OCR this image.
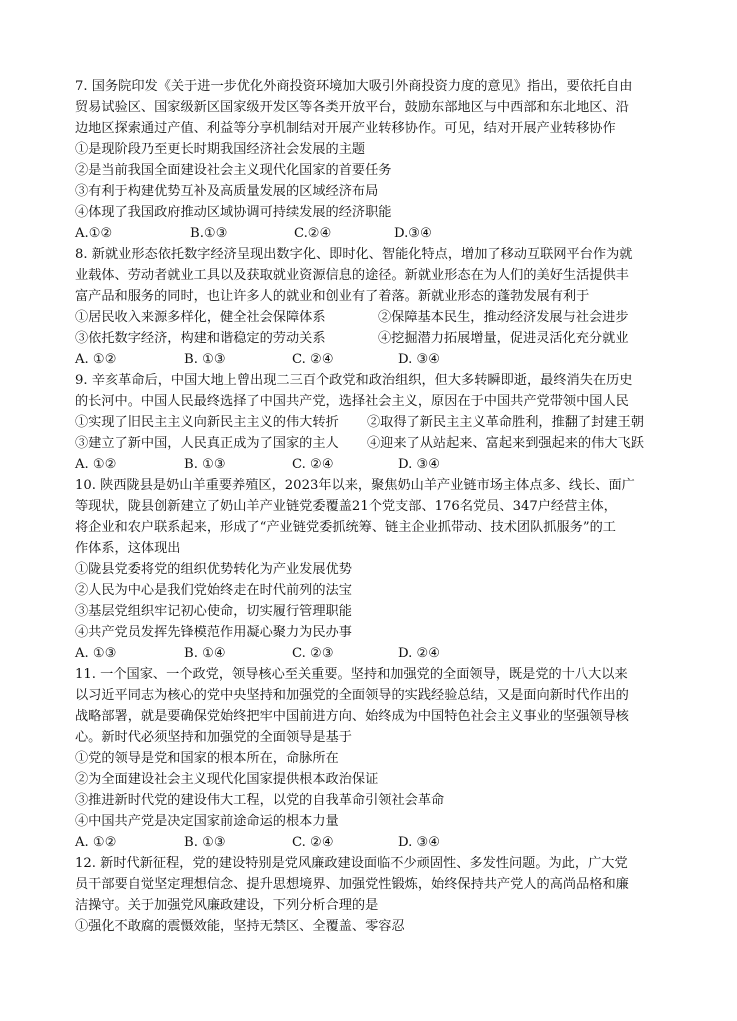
7. 国务院印发《关于进一步优化外商投资环境加大吸引外商投资力度的意见》指出，要依托自由
贸易试验区、国家级新区国家级开发区等各类开放平台，鼓励东部地区与中西部和东北地区、沿
边地区探索通过产值、利益等分享机制结对开展产业转移协作。可见，结对开展产业转移协作
①是现阶段乃至更长时期我国经济社会发展的主题
②是当前我国全面建设社会主义现代化国家的首要任务
③有利于构建优势互补及高质量发展的区域经济布局
④体现了我国政府推动区域协调可持续发展的经济职能
A.①②	B.①③	C.②④	D.③④
8. 新就业形态依托数字经济呈现出数字化、即时化、智能化特点，增加了移动互联网平台作为就
业载体、劳动者就业工具以及获取就业资源信息的途径。新就业形态在为人们的美好生活提供丰
富产品和服务的同时，也让许多人的就业和创业有了着落。新就业形态的蓬勃发展有利于
①居民收入来源多样化，健全社会保障体系	②保障基本民生，推动经济发展与社会进步
③依托数字经济，构建和谐稳定的劳动关系	④挖掘潜力拓展增量，促进灵活化充分就业
A. ①②	B. ①③	C. ②④	D. ③④
9. 辛亥革命后，中国大地上曾出现二三百个政党和政治组织，但大多转瞬即逝，最终消失在历史
的长河中。中国人民最终选择了中国共产党，选择社会主义，原因在于中国共产党带领中国人民
①实现了旧民主主义向新民主主义的伟大转折 ②取得了新民主主义革命胜利，推翻了封建王朝
③建立了新中国，人民真正成为了国家的主人 ④迎来了从站起来、富起来到强起来的伟大飞跃
A. ①②	B. ①③	C. ②④	D. ③④
10. 陕西陇县是奶山羊重要养殖区，2023年以来，聚焦奶山羊产业链市场主体点多、线长、面广
等现状，陇县创新建立了奶山羊产业链党委覆盖21个党支部、176名党员、347户经营主体，
将企业和农户联系起来，形成了“产业链党委抓统筹、链主企业抓带动、技术团队抓服务”的工
作体系，这体现出
①陇县党委将党的组织优势转化为产业发展优势
②人民为中心是我们党始终走在时代前列的法宝
③基层党组织牢记初心使命，切实履行管理职能
④共产党员发挥先锋模范作用凝心聚力为民办事
A. ①③	B. ①④	C. ②③	D. ②④
11. 一个国家、一个政党，领导核心至关重要。坚持和加强党的全面领导，既是党的十八大以来
以习近平同志为核心的党中央坚持和加强党的全面领导的实践经验总结，又是面向新时代作出的
战略部署，就是要确保党始终把牢中国前进方向、始终成为中国特色社会主义事业的坚强领导核
心。新时代必须坚持和加强党的全面领导是基于
①党的领导是党和国家的根本所在，命脉所在
②为全面建设社会主义现代化国家提供根本政治保证
③推进新时代党的建设伟大工程，以党的自我革命引领社会革命
④中国共产党是决定国家前途命运的根本力量
A. ①②	B. ①③	C. ②④	D. ③④
12. 新时代新征程，党的建设特别是党风廉政建设面临不少顽固性、多发性问题。为此，广大党
员干部要自觉坚定理想信念、提升思想境界、加强党性锻炼，始终保持共产党人的高尚品格和廉
洁操守。关于加强党风廉政建设，下列分析合理的是
①强化不敢腐的震慑效能，坚持无禁区、全覆盖、零容忍
